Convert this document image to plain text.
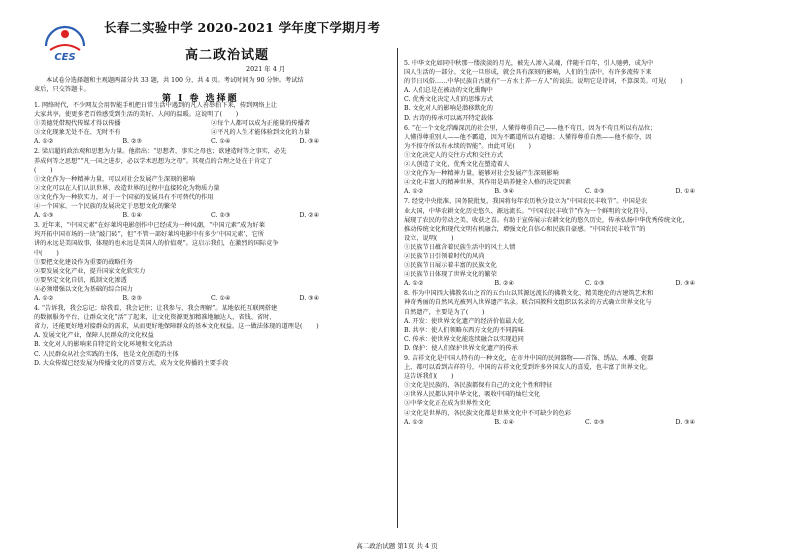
CES
长春二实验中学 2020-2021 学年度下学期月考
高二政治试题
2021 年 4 月

本试卷分选择题和主观题两部分共 33 题，共 100 分，共 4 页。考试时间为 90 分钟。考试结

束后，只交答题卡。

第 Ⅰ 卷 选择题

1. 网络时代，不少网友会用智能手机把日常生活中遇到的凡人善举拍下来，传到网络上让

大家共享，使更多老百姓感受到生活的美好、人间的温暖。这说明了(       )

①美德凭借现代传媒才得以传播	②每个人都可以成为正能量的传播者
③文化现象无处不在、无时不有	④平凡的人生才能体验到文化的力量
A. ①②	B. ②③	C. ①④	D. ③④

2. 梁启超的政治观和思想为力量。他指出：“思想者，事实之母也；欲建造时等之事实，必先

养成何等之思想”“凡一国之进步，必以学术思想为之母”。其观点的合理之处在于肯定了

(       )

①文化作为一种精神力量，可以对社会发展产生深刻的影响

②文化可以在人们认识世界、改造世界的过程中直接转化为物质力量

③文化作为一种软实力，对于一个国家的发展具有不可替代的作用

④一个国家、一个民族的发展决定于思想文化的繁荣

A. ①③	B. ①④	C. ②③	D. ②④

3. 近年来，“中国元素”在好莱坞电影创作中已经成为一种风潮，“中国元素”成为好莱

坞开拓中国市场的一块“敲门砖”，但“不管一部好莱坞电影中有多少‘中国元素’，它所

讲的永远是美国故事，体现的也永远是美国人的价值观”。这启示我们，在激烈的国际竞争

中(       )

①要把文化建设作为重要的战略任务

②要发展文化产业，提升国家文化软实力

③要坚定文化自信，抵制文化渗透

④必须增强以文化为基础的综合国力

A. ①②	B. ②③	C. ①④	D. ③④

4. “告诉我，我会忘记；给我看，我会记住；让我参与，我会理解”。某地依托互联网搭建

的数据服务平台，让群众文化“活”了起来，让文化资源更加精准地触达人，省钱、省时、

省力，还能更好地对接群众的需求，从而更好地保障群众的基本文化权益。这一做法体现的道理是(       )

A. 发展文化产业，保障人民群众的文化权益

B. 文化对人的影响来自特定的文化环境和文化活动

C. 人民群众从社会实践的主体，也是文化创造的主体

D. 大众传媒已经发展为传播文化的首要方式，成为文化传播的主要手段

5. 中华文化如同中秋那一缕淡淡的月光，被先人渗入灵魂，伴随千百年，引人驰骋，成为中

国人生活的一部分。文化一旦形成，就会具有深刻的影响，人们的生活中，有许多流传下来

的节日风俗……中华民族自古就有“一方水土养一方人”的说法。说明它是诗词，不算深美。可见(       )

A. 人们总是在被动的文化熏陶中

C. 优秀文化决定人们的思维方式

B. 文化对人的影响是潜移默化的

D. 古诗的传承可以离开特定载体

6. “在一个文化浮躁深沉的社会里，人懂得尊重自己——他不苟且，因为不苟且所以有品位；

人懂得尊重别人——他不霸道，因为不霸道所以有道德；人懂得尊重自然——他不掠夺，因

为不掠夺所以有永续的智能”。由此可见(       )

①文化决定人的交往方式和交往方式

②人创造了文化，优秀文化在塑造着人

③文化作为一种精神力量，能够对社会发展产生深刻影响

④文化丰富人的精神世界，其作用是培养健全人格的决定因素

A. ①②	B. ③④	C. ②③	D. ①④

7. 经党中央批准、国务院批复，我国将每年农历秋分设立为“中国农民丰收节”。中国是农

业大国，中华农耕文化历史悠久、源远流长。“中国农民丰收节”作为一个鲜明的文化符号，

展现了农民的劳动之美、收获之喜。有助于宣传展示农耕文化的悠久历史，传承弘扬中华优秀传统文化，

推动传统文化和现代文明有机融合，增强文化自信心和民族自豪感。“中国农民丰收节”的

设立，说明(       )

①民族节日蕴含着民族生活中的风土人情

②民族节日引领着时代的风尚

③民族节日展示着丰富的民族文化

④民族节日体现了世界文化的繁荣

A. ①②	B. ②④	C. ①③	D. ③④

8. 作为中国四大佛教名山之首的五台山以其源远流长的佛教文化、精美绝伦的古建筑艺术和

神奇秀丽的自然风光被列入世界遗产名录。联合国教科文组织以名录的方式确立世界文化与

自然遗产，主要是为了(       )

A. 开发：使世界文化遗产的经济价值最大化

B. 共享：使人们领略东西方文化的不同韵味

C. 传承：使世界文化能连续融合以实现趋同

D. 保护：使人们保护世界文化遗产的传承

9. 吉祥文化是中国人特有的一种文化，在市井中国的民间器物——首饰、绣品、木雕、瓷器

上，都可以看到吉祥符号，中国的吉祥文化受到许多外国友人的喜爱，也丰富了世界文化。

这告诉我们(       )

①文化是民族的，各民族都保有自己的文化个性和特征

②世界人民都认同中华文化，吸收中国的灿烂文化

③中华文化正在成为世界性文化

④文化是世界的，各民族文化都是世界文化中不可缺少的色彩

A. ①②	B. ①④	C. ②③	D. ③④
高二政治试题 第1页 共 4 页
